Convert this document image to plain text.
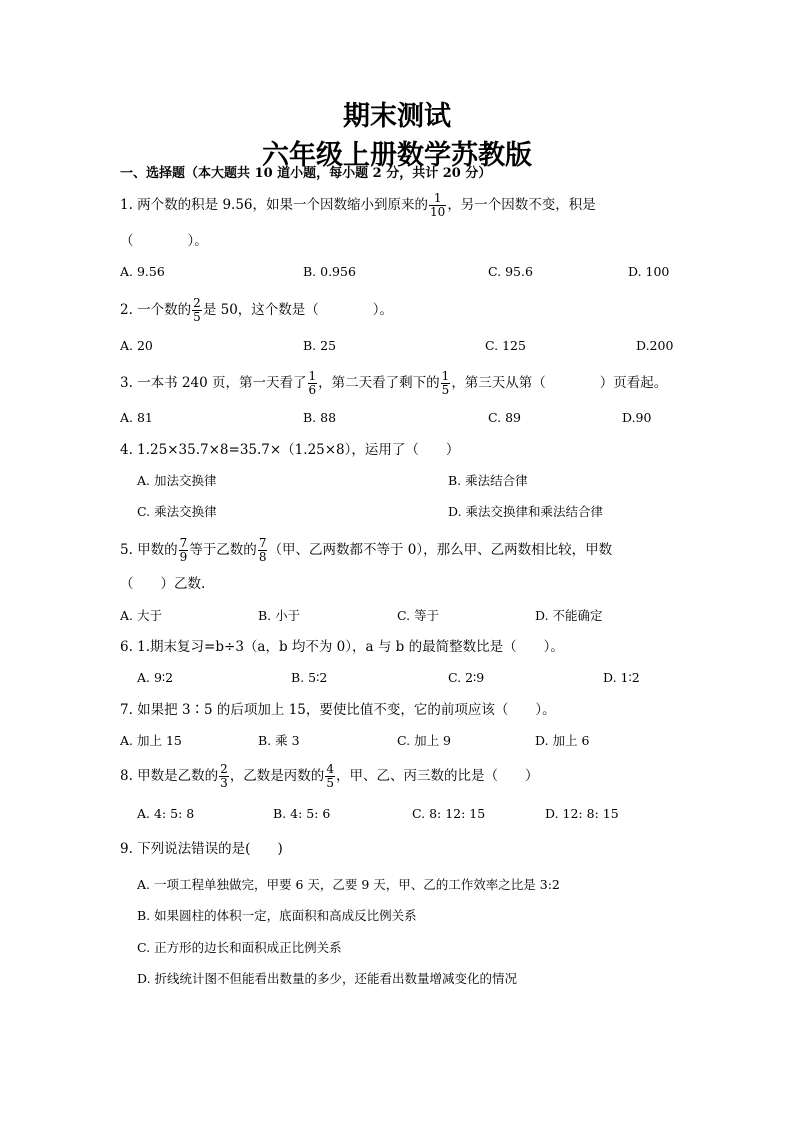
期末测试
六年级上册数学苏教版
一、选择题（本大题共 10 道小题，每小题 2 分，共计 20 分）
1. 两个数的积是 9.56，如果一个因数缩小到原来的 $\frac{1}{10}$ ，另一个因数不变，积是
（　　　　）。
A. 9.56	B. 0.956	C. 95.6	D. 100
2. 一个数的 $\frac{2}{5}$ 是 50，这个数是（　　　　）。
A. 20	B. 25	C. 125	D.200
3. 一本书 240 页，第一天看了 $\frac{1}{6}$ ，第二天看了剩下的 $\frac{1}{5}$ ，第三天从第（　　　　）页看起。
A. 81	B. 88	C. 89	D.90
4. 1.25×35.7×8=35.7×（1.25×8），运用了（　　）
A. 加法交换律	B. 乘法结合律
C. 乘法交换律	D. 乘法交换律和乘法结合律
5. 甲数的 $\frac{7}{9}$ 等于乙数的 $\frac{7}{8}$ （甲、乙两数都不等于 0），那么甲、乙两数相比较，甲数
（　　）乙数.
A. 大于	B. 小于	C. 等于	D. 不能确定
6. 1.期末复习=b÷3（a，b 均不为 0），a 与 b 的最简整数比是（　　）。
A. 9∶2	B. 5∶2	C. 2∶9	D. 1∶2
7. 如果把 3∶5 的后项加上 15，要使比值不变，它的前项应该（　　）。
A. 加上 15	B. 乘 3	C. 加上 9	D. 加上 6
8. 甲数是乙数的 $\frac{2}{3}$ ，乙数是丙数的 $\frac{4}{5}$ ，甲、乙、丙三数的比是（　　）
A. 4: 5: 8	B. 4: 5: 6	C. 8: 12: 15	D. 12: 8: 15
9. 下列说法错误的是(　　)
A. 一项工程单独做完，甲要 6 天，乙要 9 天，甲、乙的工作效率之比是 3:2
B. 如果圆柱的体积一定，底面积和高成反比例关系
C. 正方形的边长和面积成正比例关系
D. 折线统计图不但能看出数量的多少，还能看出数量增减变化的情况
